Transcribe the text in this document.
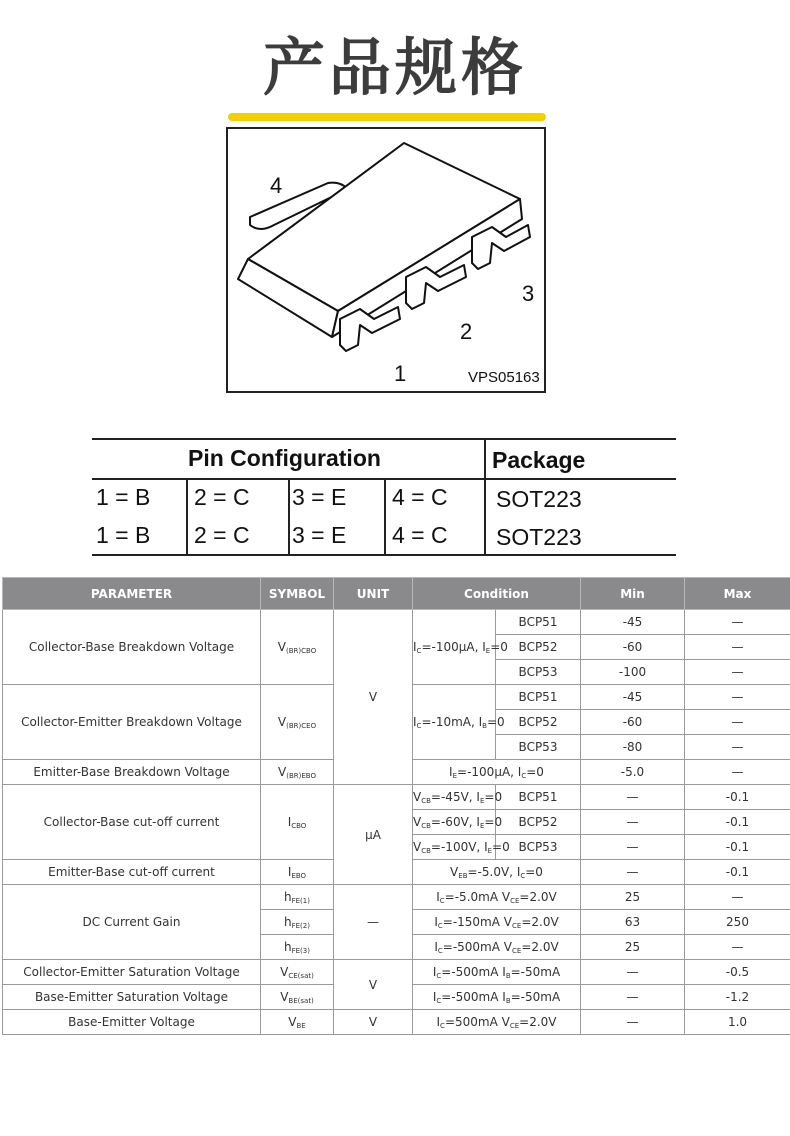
产品规格
4
1
2
3
VPS05163
Pin Configuration	Package
1 = B 2 = C 3 = E 4 = C SOT223
1 = B 2 = C 3 = E 4 = C SOT223
PARAMETER	SYMBOL	UNIT	Condition		Min	Max
Collector-Base Breakdown Voltage	$V_{(BR)CBO}$	V	$I_C=-100\mu A$, $I_E=0$	BCP51	-45	—
				BCP52	-60	—
				BCP53	-100	—
Collector-Emitter Breakdown Voltage	$V_{(BR)CEO}$		$I_C=-10mA$, $I_B=0$	BCP51	-45	—
				BCP52	-60	—
				BCP53	-80	—
Emitter-Base Breakdown Voltage	$V_{(BR)EBO}$		$I_E=-100\mu A$, $I_C=0$		-5.0	—
Collector-Base cut-off current	$I_{CBO}$	μA	$V_{CB}=-45V$, $I_E=0$	BCP51	—	-0.1
			$V_{CB}=-60V$, $I_E=0$	BCP52	—	-0.1
			$V_{CB}=-100V$, $I_E=0$	BCP53	—	-0.1
Emitter-Base cut-off current	$I_{EBO}$		$V_{EB}=-5.0V$, $I_C=0$		—	-0.1
DC Current Gain	$h_{FE(1)}$	—	$I_C=-5.0mA$ $V_{CE}=2.0V$		25	—
	$h_{FE(2)}$		$I_C=-150mA$ $V_{CE}=2.0V$		63	250
	$h_{FE(3)}$		$I_C=-500mA$ $V_{CE}=2.0V$		25	—
Collector-Emitter Saturation Voltage	$V_{CE(sat)}$	V	$I_C=-500mA$ $I_B=-50mA$		—	-0.5
Base-Emitter Saturation Voltage	$V_{BE(sat)}$		$I_C=-500mA$ $I_B=-50mA$		—	-1.2
Base-Emitter Voltage	$V_{BE}$	V	$I_C=500mA$ $V_{CE}=2.0V$		—	1.0
